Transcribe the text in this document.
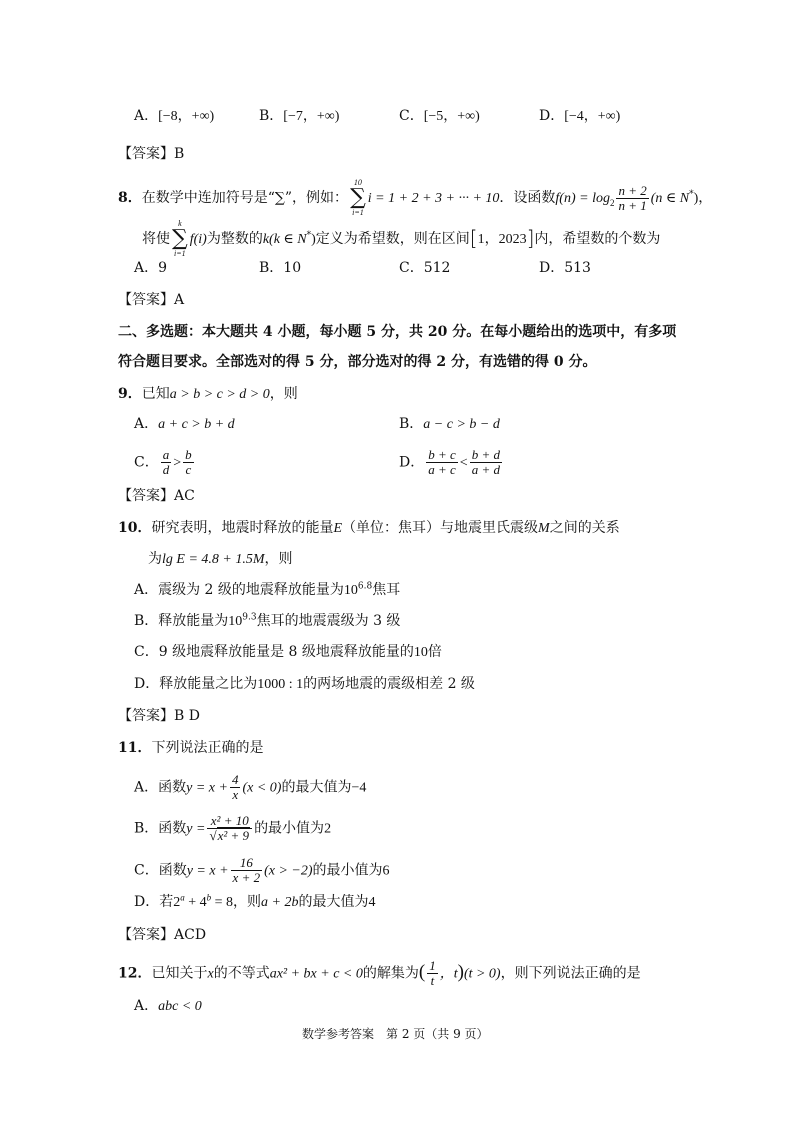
A．[−8，+∞)	B．[−7，+∞)	C．[−5，+∞)	D．[−4，+∞)
【答案】B
8．在数学中连加符号是“∑”，例如：
10
∑
i=1
i = 1 + 2 + 3 + ··· + 10．设函数$f(n) = \log_2 \frac{n + 2}{n + 1} (n$ ∈ N*)，
将使
k
∑
i=1
f(i)为整数的k(k ∈ N*)定义为希望数，则在区间[1，2023]内，希望数的个数为
A．9	B．10	C．512	D．513
【答案】A
二、多选题：本大题共 4 小题，每小题 5 分，共 20 分。在每小题给出的选项中，有多项
符合题目要求。全部选对的得 5 分，部分选对的得 2 分，有选错的得 0 分。
9．已知a > b > c > d > 0，则
A．a + c > b + d	B．a − c > b − d
C． $\frac{a}{d} > \frac{b}{c}$	D． $\frac{b + c}{a + c} < \frac{b + d}{a + d}$
【答案】AC
10．研究表明，地震时释放的能量E（单位：焦耳）与地震里氏震级M之间的关系
为lg E = 4.8 + 1.5M，则
A．震级为 2 级的地震释放能量为$10^{6.8}$焦耳
B．释放能量为$10^{9.3}$焦耳的地震震级为 3 级
C．9 级地震释放能量是 8 级地震释放能量的10倍
D．释放能量之比为1000 : 1的两场地震的震级相差 2 级
【答案】B D
11．下列说法正确的是
A．函数$y = x + \frac{4}{x} (x < 0)$的最大值为−4
B．函数$y = \frac{\text{x² + 10}}{\text{√x² + 9}}$ 的最小值为2
C．函数$y = x + \frac{16}{x + 2} (x > -2)$的最小值为6
D．若$2^a + 4^b = 8$，则a + 2b的最大值为4
【答案】ACD
12．已知关于x的不等式ax² + bx + c < 0的解集为( $\frac{1}{t}$ ，t)(t > 0)，则下列说法正确的是
A．abc < 0
数学参考答案　第 2 页（共 9 页）
